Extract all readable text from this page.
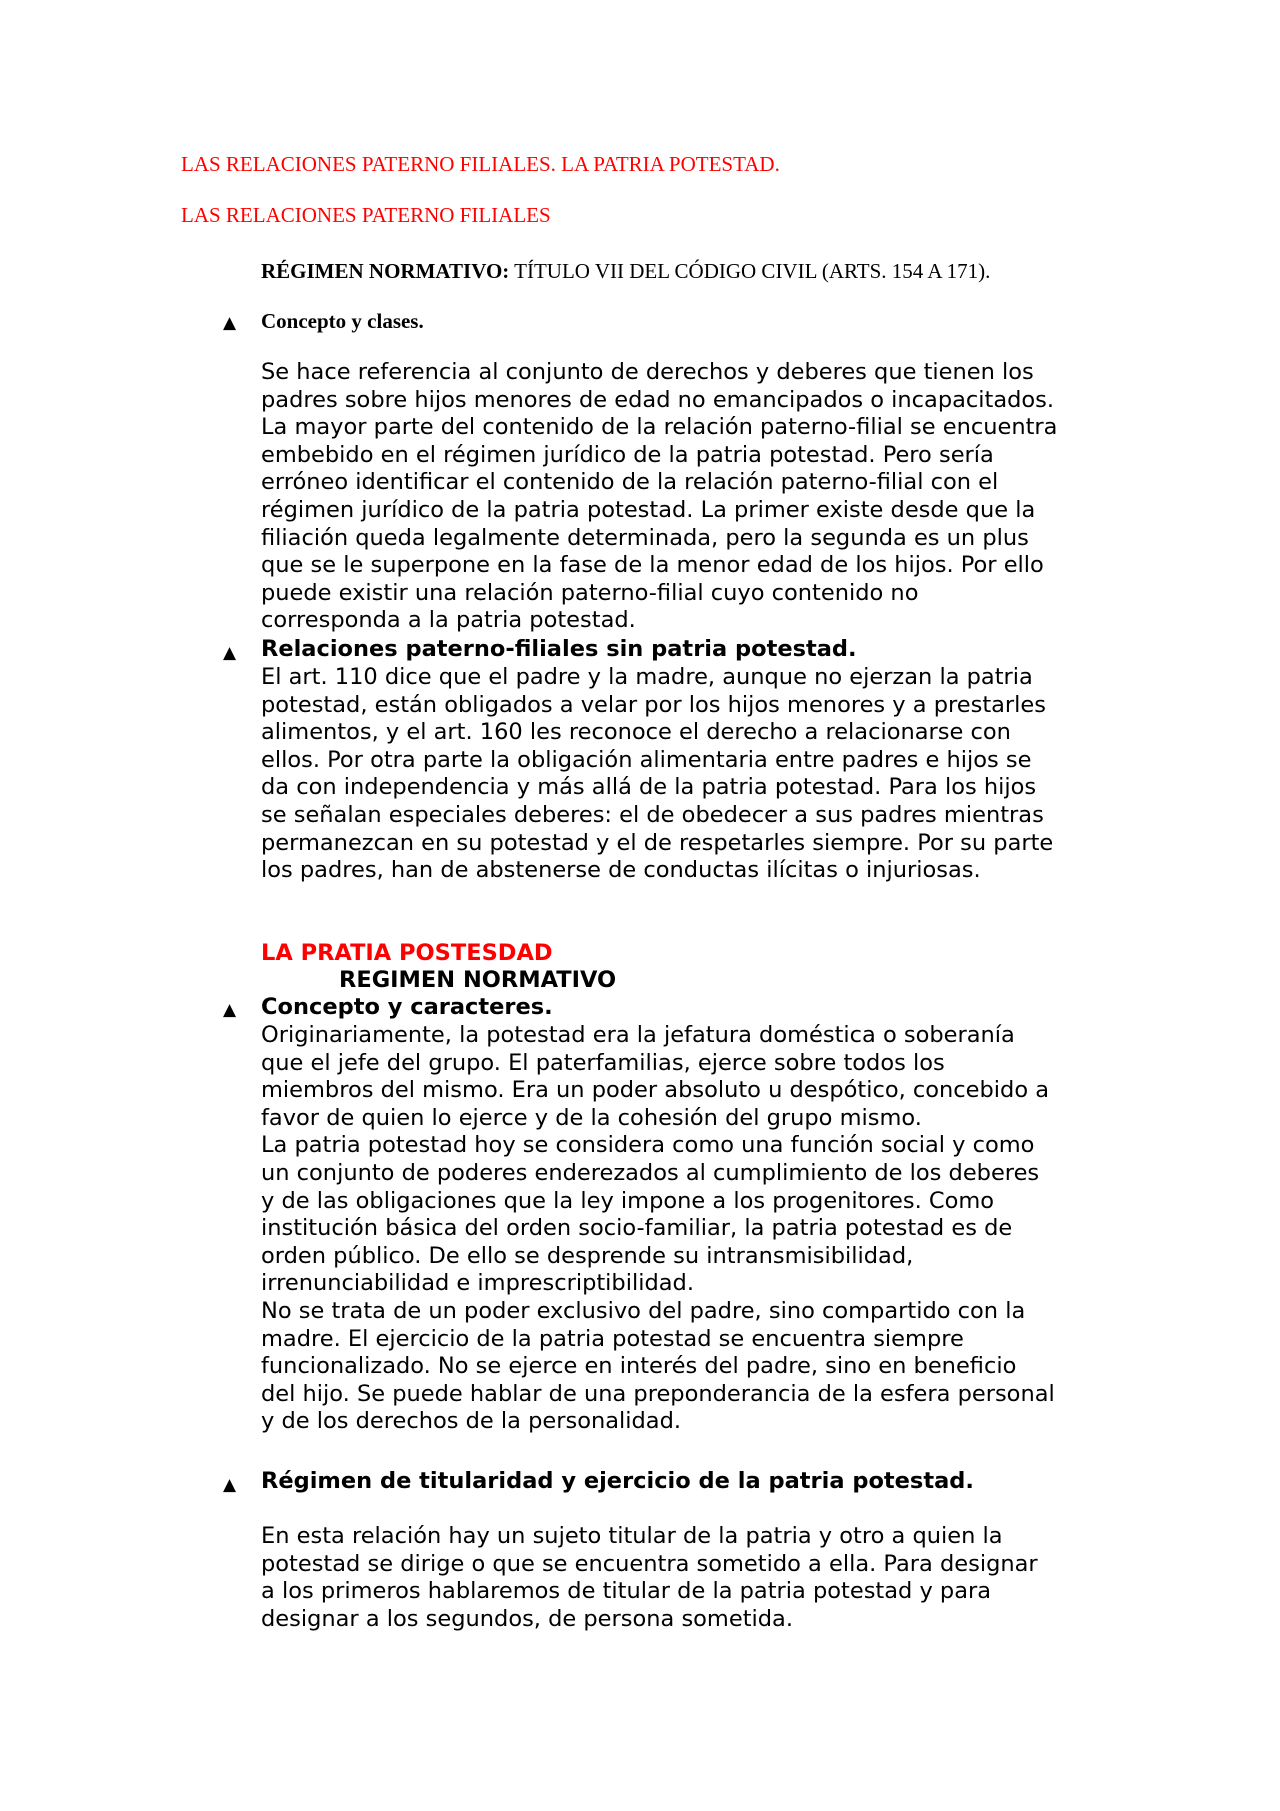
LAS RELACIONES PATERNO FILIALES. LA PATRIA POTESTAD.
LAS RELACIONES PATERNO FILIALES
RÉGIMEN NORMATIVO: TÍTULO VII DEL CÓDIGO CIVIL (ARTS. 154 A 171).
▲ Concepto y clases.
Se hace referencia al conjunto de derechos y deberes que tienen los
padres sobre hijos menores de edad no emancipados o incapacitados.
La mayor parte del contenido de la relación paterno-filial se encuentra
embebido en el régimen jurídico de la patria potestad. Pero sería
erróneo identificar el contenido de la relación paterno-filial con el
régimen jurídico de la patria potestad. La primer existe desde que la
filiación queda legalmente determinada, pero la segunda es un plus
que se le superpone en la fase de la menor edad de los hijos. Por ello
puede existir una relación paterno-filial cuyo contenido no
corresponda a la patria potestad.
▲ Relaciones paterno-filiales sin patria potestad.
El art. 110 dice que el padre y la madre, aunque no ejerzan la patria
potestad, están obligados a velar por los hijos menores y a prestarles
alimentos, y el art. 160 les reconoce el derecho a relacionarse con
ellos. Por otra parte la obligación alimentaria entre padres e hijos se
da con independencia y más allá de la patria potestad. Para los hijos
se señalan especiales deberes: el de obedecer a sus padres mientras
permanezcan en su potestad y el de respetarles siempre. Por su parte
los padres, han de abstenerse de conductas ilícitas o injuriosas.
LA PRATIA POSTESDAD
REGIMEN NORMATIVO
▲ Concepto y caracteres.
Originariamente, la potestad era la jefatura doméstica o soberanía
que el jefe del grupo. El paterfamilias, ejerce sobre todos los
miembros del mismo. Era un poder absoluto u despótico, concebido a
favor de quien lo ejerce y de la cohesión del grupo mismo.
La patria potestad hoy se considera como una función social y como
un conjunto de poderes enderezados al cumplimiento de los deberes
y de las obligaciones que la ley impone a los progenitores. Como
institución básica del orden socio-familiar, la patria potestad es de
orden público. De ello se desprende su intransmisibilidad,
irrenunciabilidad e imprescriptibilidad.
No se trata de un poder exclusivo del padre, sino compartido con la
madre. El ejercicio de la patria potestad se encuentra siempre
funcionalizado. No se ejerce en interés del padre, sino en beneficio
del hijo. Se puede hablar de una preponderancia de la esfera personal
y de los derechos de la personalidad.
▲ Régimen de titularidad y ejercicio de la patria potestad.
En esta relación hay un sujeto titular de la patria y otro a quien la
potestad se dirige o que se encuentra sometido a ella. Para designar
a los primeros hablaremos de titular de la patria potestad y para
designar a los segundos, de persona sometida.
